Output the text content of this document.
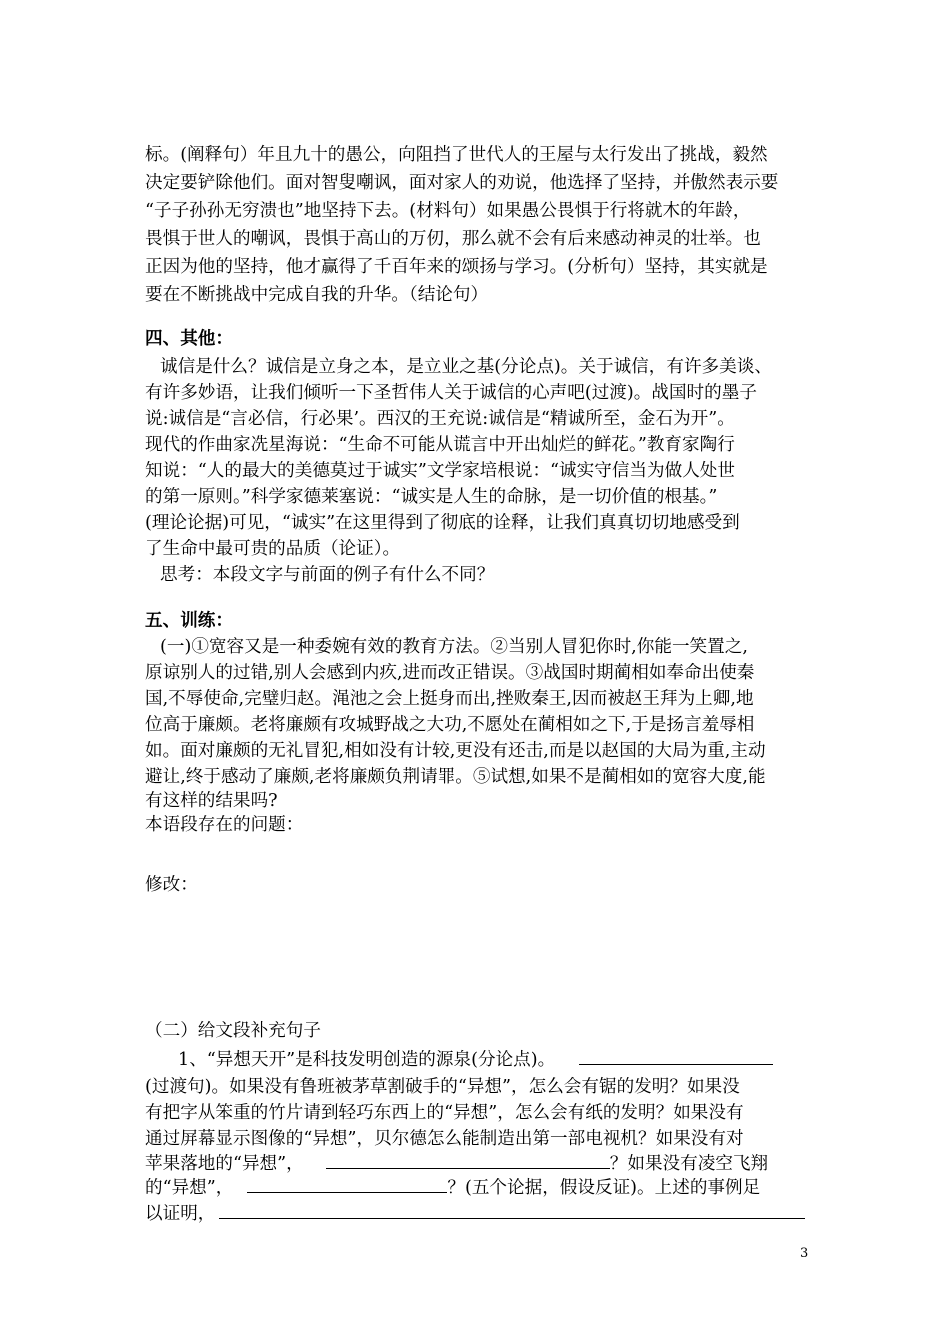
标。(阐释句）年且九十的愚公，向阻挡了世代人的王屋与太行发出了挑战，毅然
决定要铲除他们。面对智叟嘲讽，面对家人的劝说，他选择了坚持，并傲然表示要
“子子孙孙无穷溃也”地坚持下去。(材料句）如果愚公畏惧于行将就木的年龄，
畏惧于世人的嘲讽，畏惧于高山的万仞，那么就不会有后来感动神灵的壮举。也
正因为他的坚持，他才赢得了千百年来的颂扬与学习。(分析句）坚持，其实就是
要在不断挑战中完成自我的升华。（结论句）
四、其他：
诚信是什么？诚信是立身之本，是立业之基(分论点)。关于诚信，有许多美谈、
有许多妙语，让我们倾听一下圣哲伟人关于诚信的心声吧(过渡)。战国时的墨子
说:诚信是“言必信，行必果’。西汉的王充说:诚信是“精诚所至，金石为开”。
现代的作曲家冼星海说：“生命不可能从谎言中开出灿烂的鲜花。”教育家陶行
知说：“人的最大的美德莫过于诚实”文学家培根说：“诚实守信当为做人处世
的第一原则。”科学家德莱塞说：“诚实是人生的命脉，是一切价值的根基。”
(理论论据)可见，“诚实”在这里得到了彻底的诠释，让我们真真切切地感受到
了生命中最可贵的品质（论证）。
思考：本段文字与前面的例子有什么不同？
五、训练：
(一)①宽容又是一种委婉有效的教育方法。②当别人冒犯你时,你能一笑置之,
原谅别人的过错,别人会感到内疚,进而改正错误。③战国时期蔺相如奉命出使秦
国,不辱使命,完璧归赵。渑池之会上挺身而出,挫败秦王,因而被赵王拜为上卿,地
位高于廉颇。老将廉颇有攻城野战之大功,不愿处在蔺相如之下,于是扬言羞辱相
如。面对廉颇的无礼冒犯,相如没有计较,更没有还击,而是以赵国的大局为重,主动
避让,终于感动了廉颇,老将廉颇负荆请罪。⑤试想,如果不是蔺相如的宽容大度,能
有这样的结果吗?
本语段存在的问题：
修改：
（二）给文段补充句子
1、“异想天开”是科技发明创造的源泉(分论点)。
(过渡句)。如果没有鲁班被茅草割破手的“异想”，怎么会有锯的发明？如果没
有把字从笨重的竹片请到轻巧东西上的“异想”，怎么会有纸的发明？如果没有
通过屏幕显示图像的“异想”，贝尔德怎么能制造出第一部电视机？如果没有对
苹果落地的“异想”，	？如果没有凌空飞翔
的“异想”，	？(五个论据，假设反证)。上述的事例足
以证明，
3
